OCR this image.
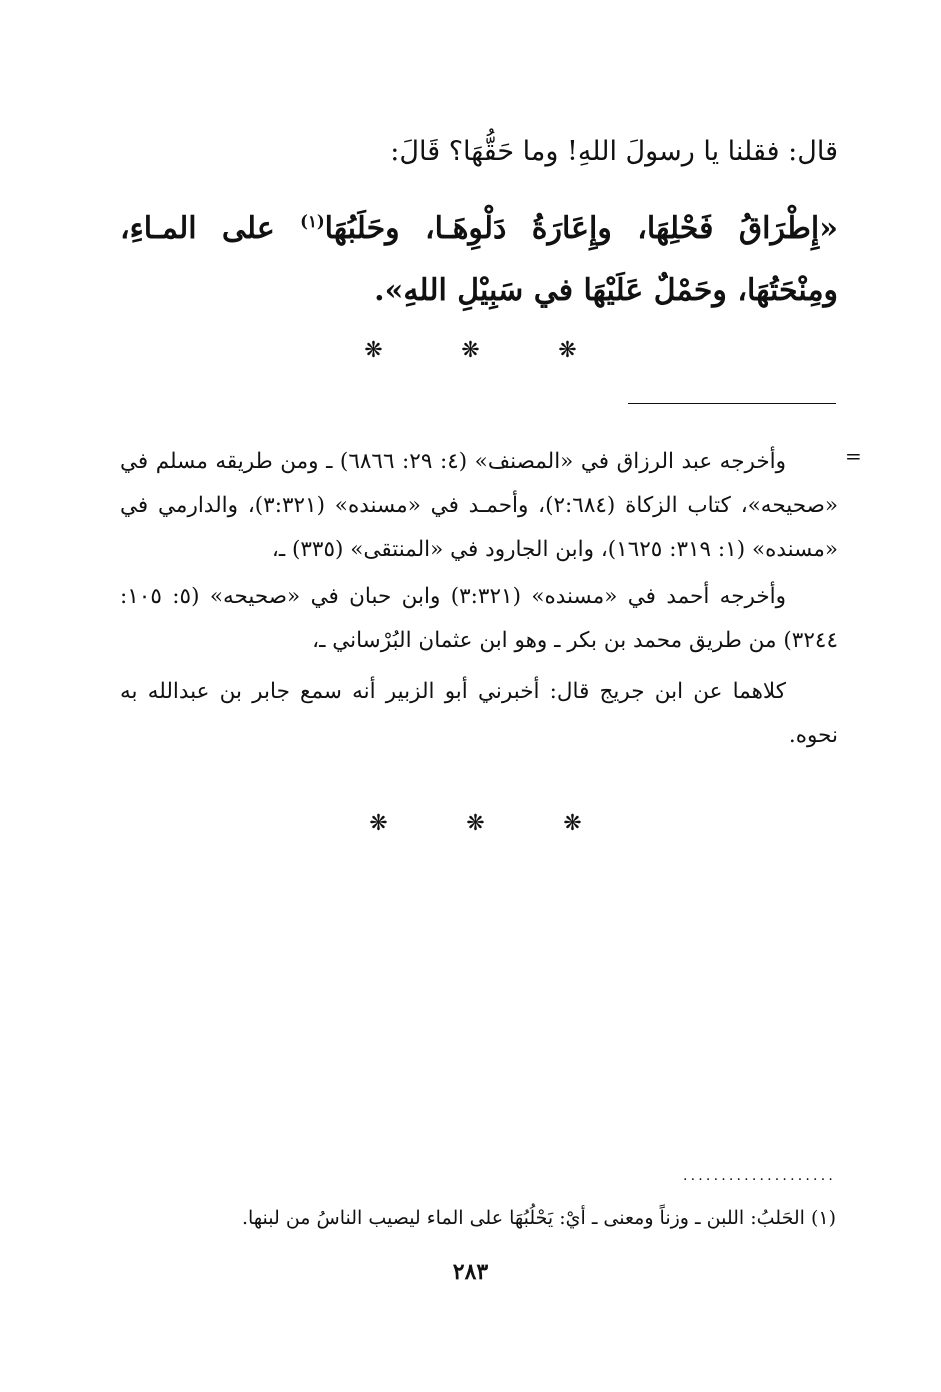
قال: فقلنا يا رسولَ اللهِ! وما حَقُّهَا؟ قَالَ:
«إِطْرَاقُ فَحْلِهَا، وإِعَارَةُ دَلْوِهَـا، وحَلَبُهَا$^{(١)}$ على المـاءِ، ومِنْحَتُهَا، وحَمْلٌ عَلَيْهَا في سَبِيْلِ اللهِ».
❋	❋	❋
=

وأخرجه عبد الرزاق في «المصنف» (٤: ٢٩: ٦٨٦٦) ـ ومن طريقه مسلم في «صحيحه»، كتاب الزكاة (٢:٦٨٤)، وأحمـد في «مسنده» (٣:٣٢١)، والدارمي في «مسنده» (١: ٣١٩: ١٦٢٥)، وابن الجارود في «المنتقى» (٣٣٥) ـ،

وأخرجه أحمد في «مسنده» (٣:٣٢١) وابن حبان في «صحيحه» (٥: ١٠٥: ٣٢٤٤) من طريق محمد بن بكر ـ وهو ابن عثمان البُرْساني ـ،

كلاهما عن ابن جريج قال: أخبرني أبو الزبير أنه سمع جابر بن عبدالله به نحوه.

❋	❋	❋
....................
(١) الحَلبُ: اللبن ـ وزناً ومعنى ـ أيْ: يَحْلُبُهَا على الماء ليصيب الناسُ من لبنها.
٢٨٣
